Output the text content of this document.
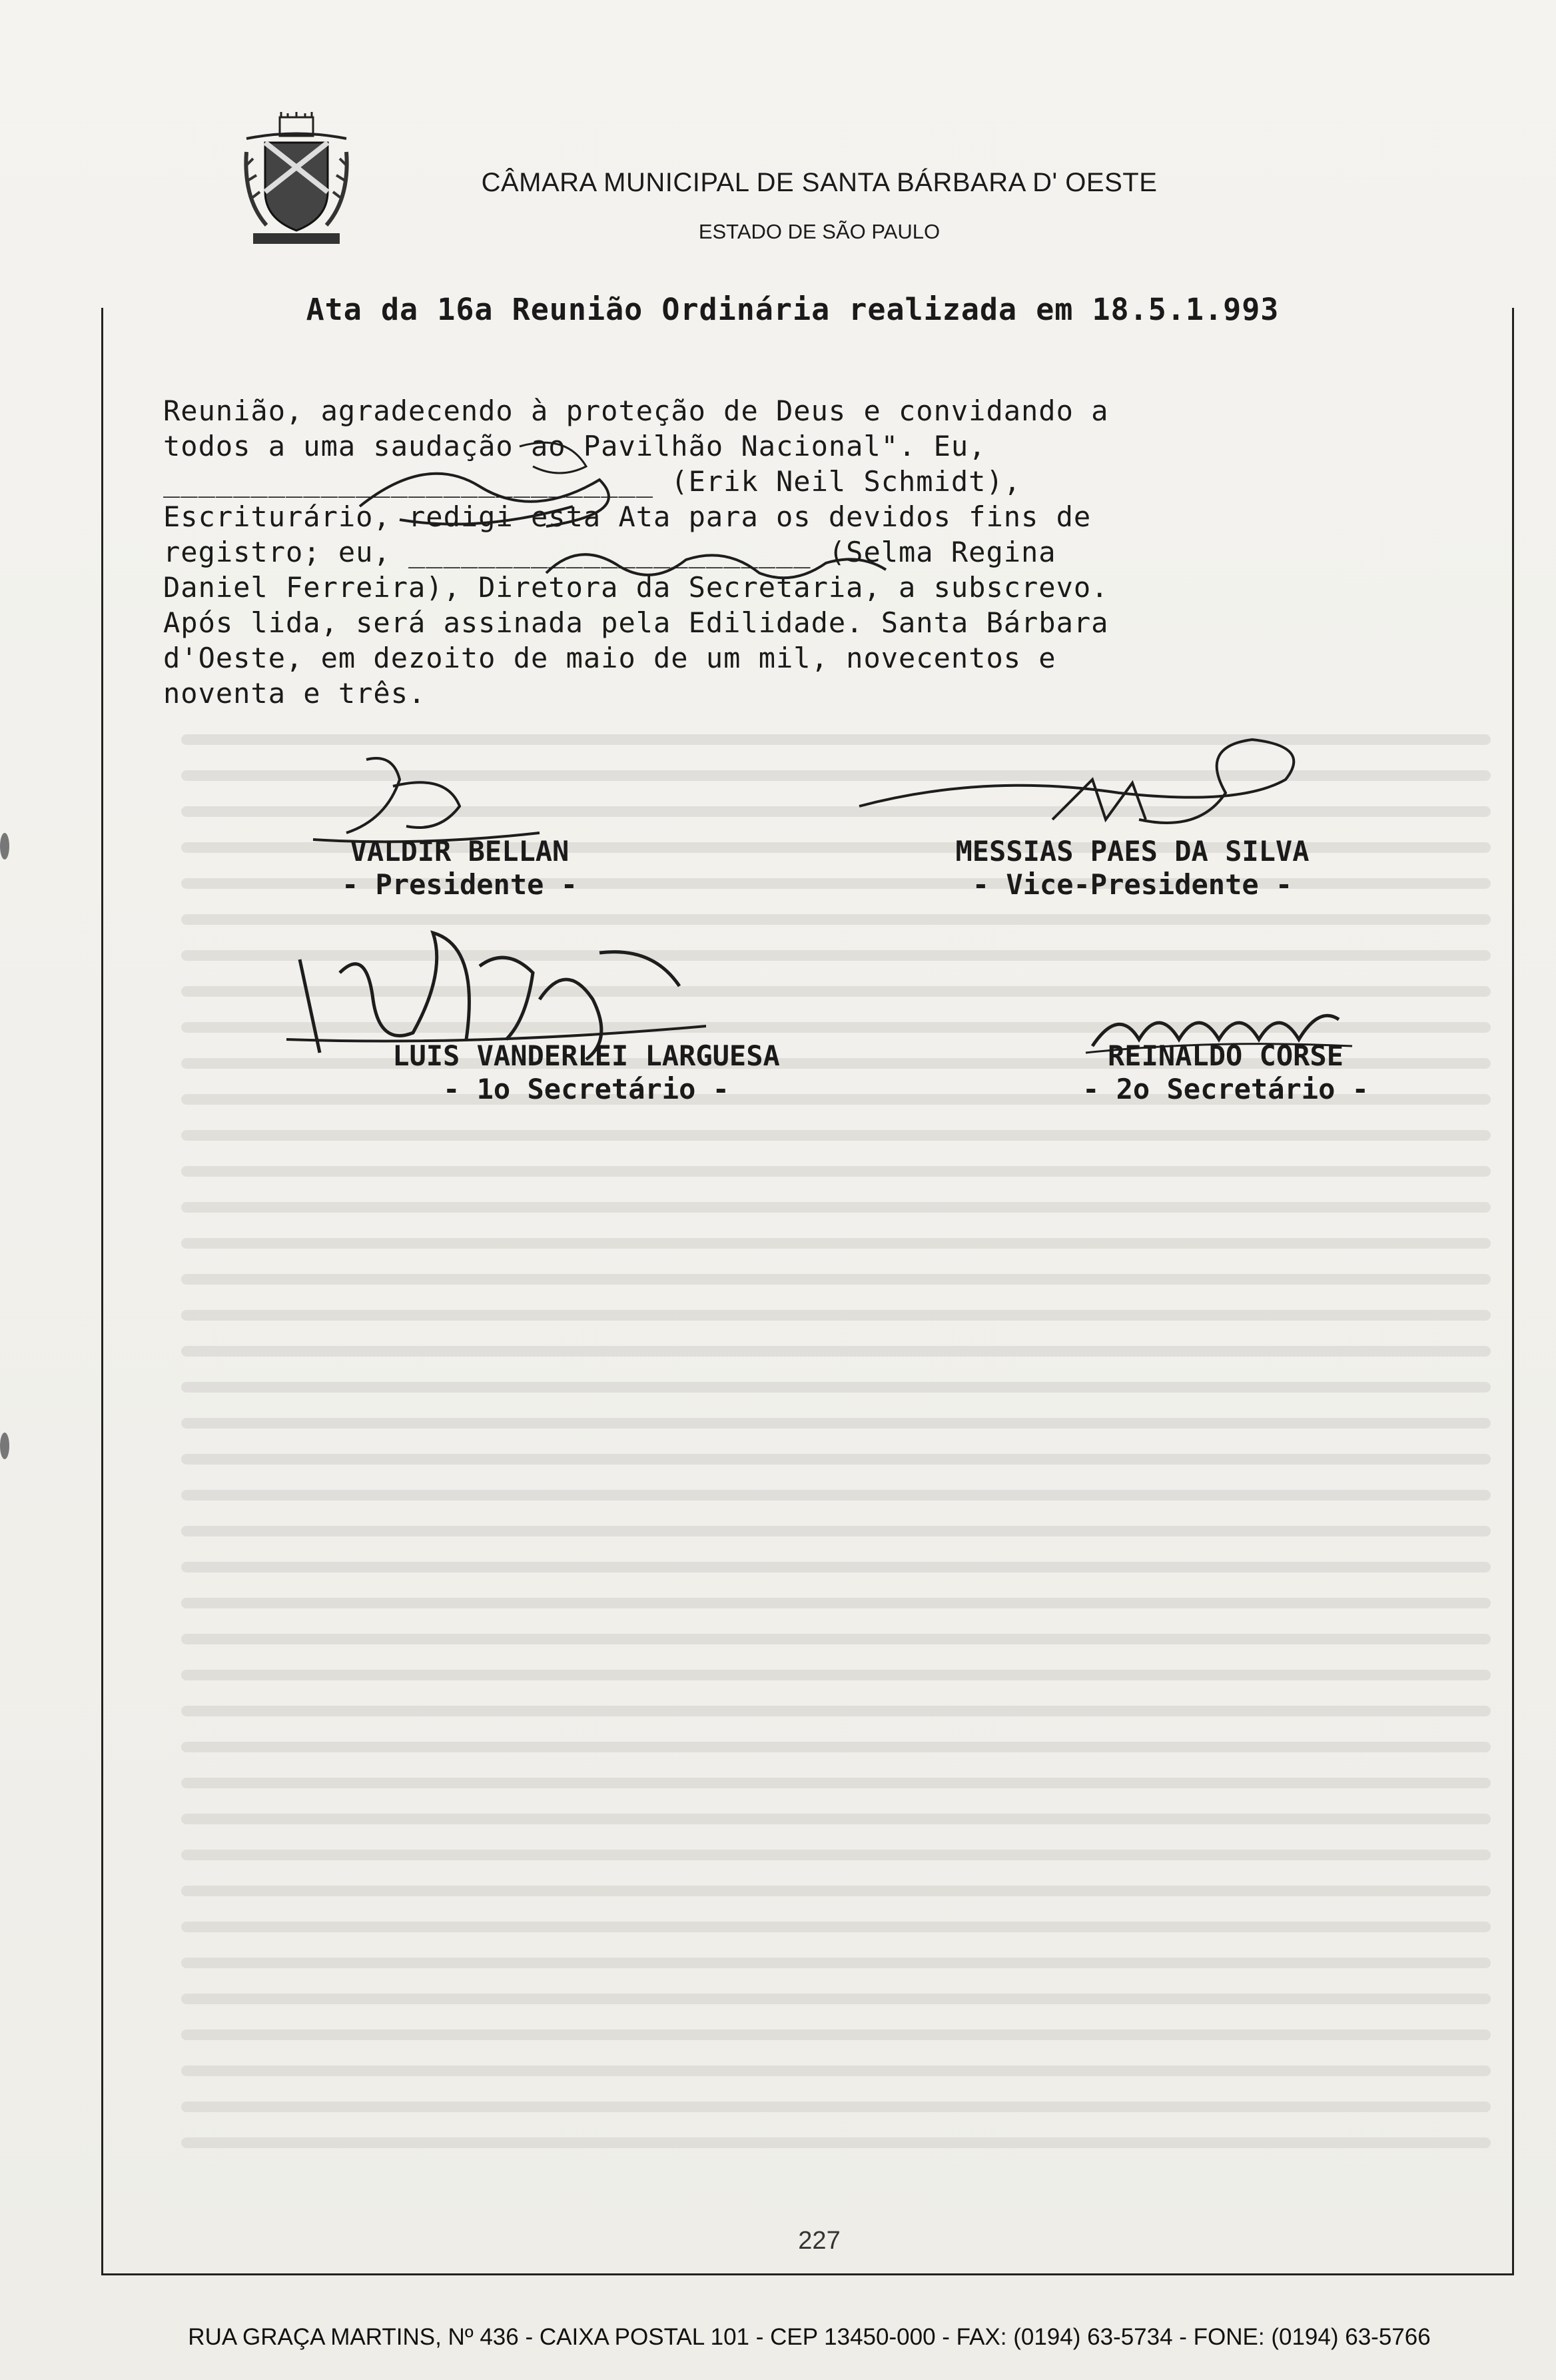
CÂMARA MUNICIPAL DE SANTA BÁRBARA D' OESTE
ESTADO DE SÃO PAULO
Ata da 16a Reunião Ordinária realizada em 18.5.1.993
Reunião, agradecendo à proteção de Deus e convidando a
todos a uma saudação ao Pavilhão Nacional". Eu,
____________________________ (Erik Neil Schmidt),
Escriturário, redigi esta Ata para os devidos fins de
registro; eu, _______________________ (Selma Regina
Daniel Ferreira), Diretora da Secretaria, a subscrevo.
Após lida, será assinada pela Edilidade. Santa Bárbara
d'Oeste, em dezoito de maio de um mil, novecentos e
noventa e três.
VALDIR BELLAN
- Presidente -
MESSIAS PAES DA SILVA
- Vice-Presidente -
LUIS VANDERLEI LARGUESA
- 1o Secretário -
REINALDO CORSE
- 2o Secretário -
227
RUA GRAÇA MARTINS, Nº 436 - CAIXA POSTAL 101 - CEP 13450-000 - FAX: (0194) 63-5734 - FONE: (0194) 63-5766
